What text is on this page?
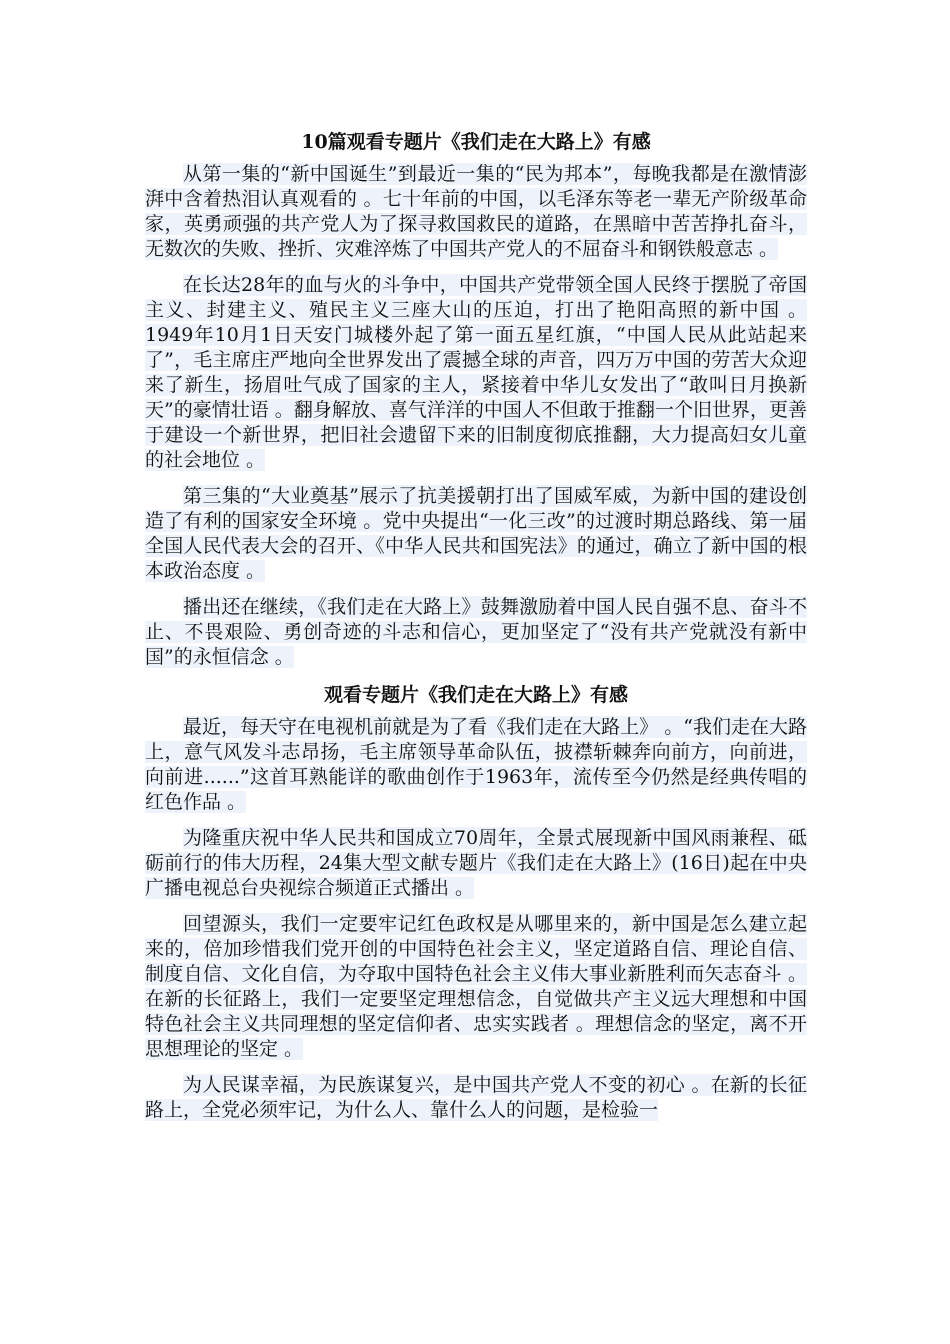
10篇观看专题片《我们走在大路上》有感

从第一集的“新中国诞生”到最近一集的“民为邦本”，每晚我都是在激情澎湃中含着热泪认真观看的 。七十年前的中国，以毛泽东等老一辈无产阶级革命家，英勇顽强的共产党人为了探寻救国救民的道路，在黑暗中苦苦挣扎奋斗，无数次的失败、挫折、灾难淬炼了中国共产党人的不屈奋斗和钢铁般意志 。

在长达28年的血与火的斗争中，中国共产党带领全国人民终于摆脱了帝国主义、封建主义、殖民主义三座大山的压迫，打出了艳阳高照的新中国 。1949年10月1日天安门城楼外起了第一面五星红旗，“中国人民从此站起来了”，毛主席庄严地向全世界发出了震撼全球的声音，四万万中国的劳苦大众迎来了新生，扬眉吐气成了国家的主人，紧接着中华儿女发出了“敢叫日月换新天”的豪情壮语 。翻身解放、喜气洋洋的中国人不但敢于推翻一个旧世界，更善于建设一个新世界，把旧社会遗留下来的旧制度彻底推翻，大力提高妇女儿童的社会地位 。

第三集的“大业奠基”展示了抗美援朝打出了国威军威，为新中国的建设创造了有利的国家安全环境 。党中央提出“一化三改”的过渡时期总路线、第一届全国人民代表大会的召开、《中华人民共和国宪法》的通过，确立了新中国的根本政治态度 。

播出还在继续，《我们走在大路上》鼓舞激励着中国人民自强不息、奋斗不止、不畏艰险、勇创奇迹的斗志和信心，更加坚定了“没有共产党就没有新中国”的永恒信念 。

观看专题片《我们走在大路上》有感

最近，每天守在电视机前就是为了看《我们走在大路上》 。“我们走在大路上，意气风发斗志昂扬，毛主席领导革命队伍，披襟斩棘奔向前方，向前进，向前进......”这首耳熟能详的歌曲创作于1963年，流传至今仍然是经典传唱的红色作品 。

为隆重庆祝中华人民共和国成立70周年，全景式展现新中国风雨兼程、砥砺前行的伟大历程，24集大型文献专题片《我们走在大路上》(16日)起在中央广播电视总台央视综合频道正式播出 。

回望源头，我们一定要牢记红色政权是从哪里来的，新中国是怎么建立起来的，倍加珍惜我们党开创的中国特色社会主义，坚定道路自信、理论自信、制度自信、文化自信，为夺取中国特色社会主义伟大事业新胜利而矢志奋斗 。在新的长征路上，我们一定要坚定理想信念，自觉做共产主义远大理想和中国特色社会主义共同理想的坚定信仰者、忠实实践者 。理想信念的坚定，离不开思想理论的坚定 。

为人民谋幸福，为民族谋复兴，是中国共产党人不变的初心 。在新的长征路上，全党必须牢记，为什么人、靠什么人的问题，是检验一
